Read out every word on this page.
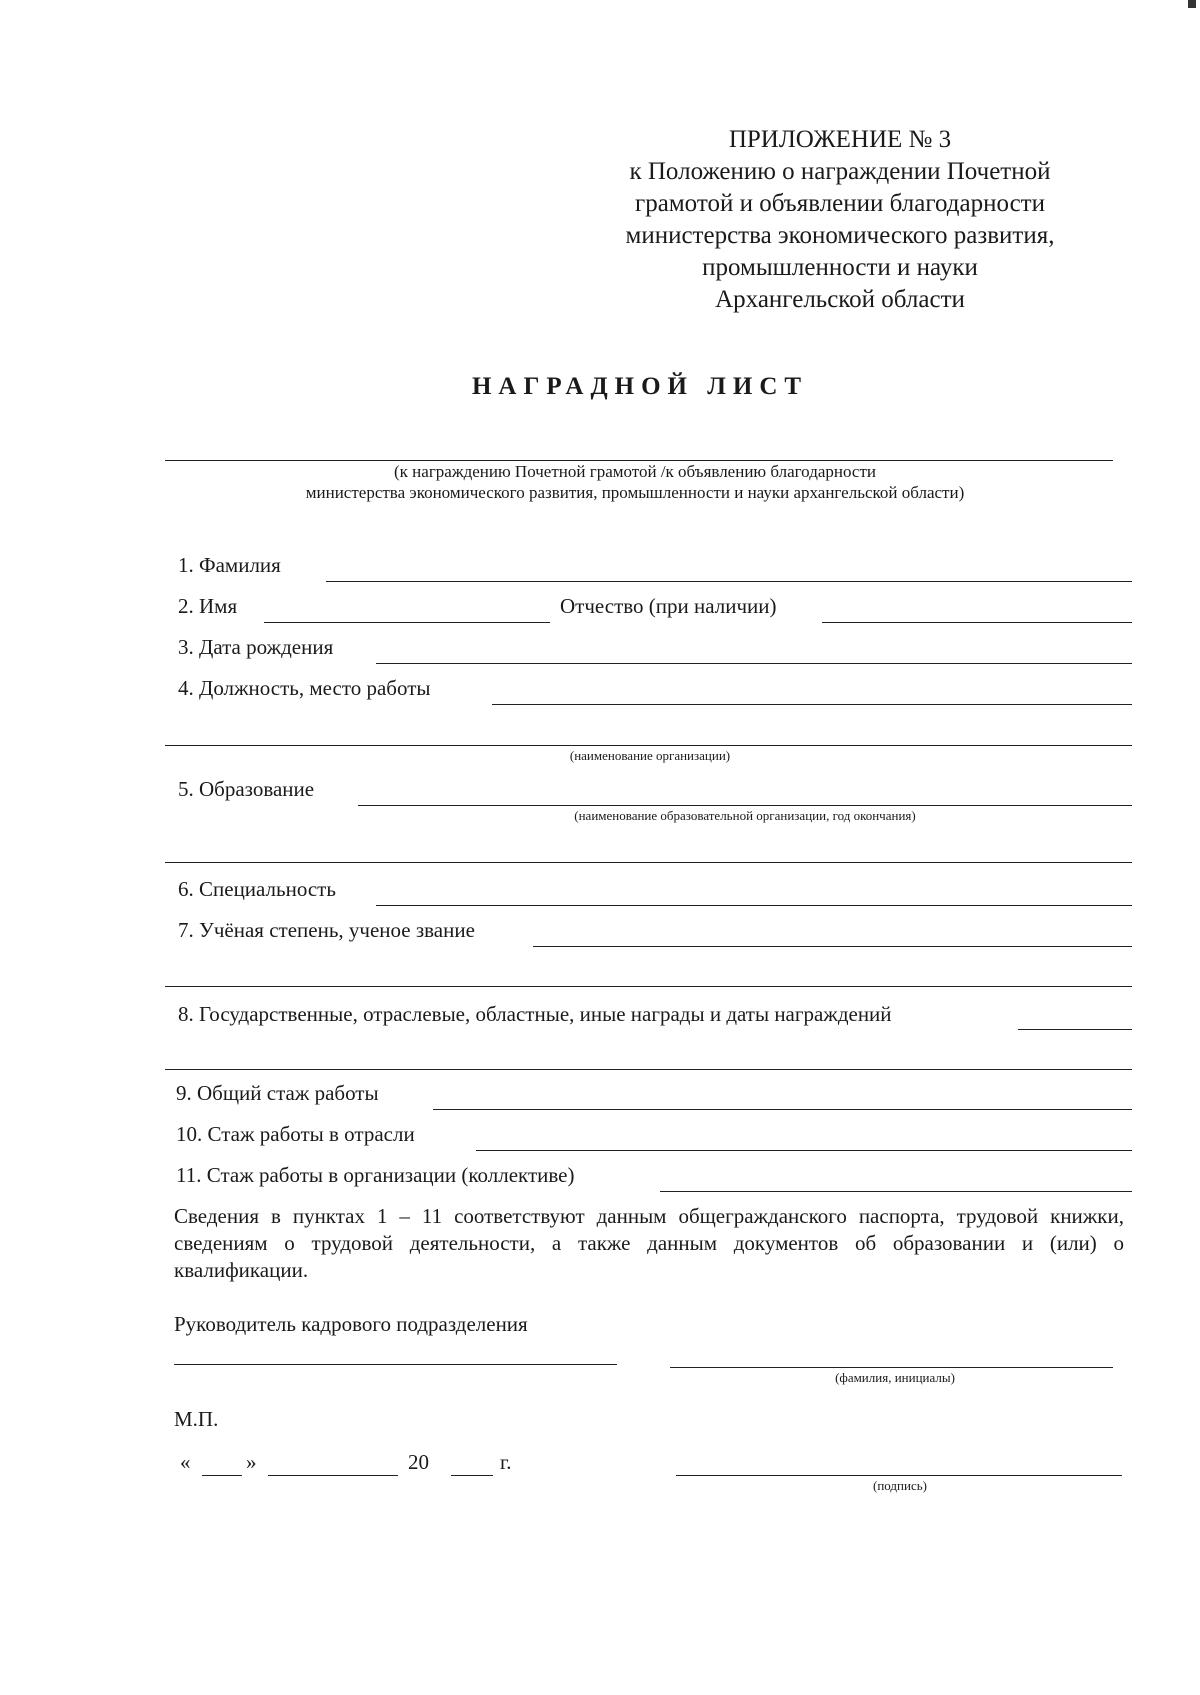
ПРИЛОЖЕНИЕ № 3
к Положению о награждении Почетной
грамотой и объявлении благодарности
министерства экономического развития,
промышленности и науки
Архангельской области
НАГРАДНОЙ ЛИСТ
(к награждению Почетной грамотой /к объявлению благодарности
министерства экономического развития, промышленности и науки архангельской области)
1. Фамилия
2. Имя	Отчество (при наличии)
3. Дата рождения
4. Должность, место работы
(наименование организации)
5. Образование
(наименование образовательной организации, год окончания)
6. Специальность
7. Учёная степень, ученое звание
8. Государственные, отраслевые, областные, иные награды и даты награждений
9. Общий стаж работы
10. Стаж работы в отрасли
11. Стаж работы в организации (коллективе)
Сведения в пунктах 1 – 11 соответствуют данным общегражданского паспорта, трудовой книжки, сведениям о трудовой деятельности, а также данным документов об образовании и (или) о квалификации.
Руководитель кадрового подразделения
(фамилия, инициалы)
М.П.
«	»	20	г.
(подпись)
